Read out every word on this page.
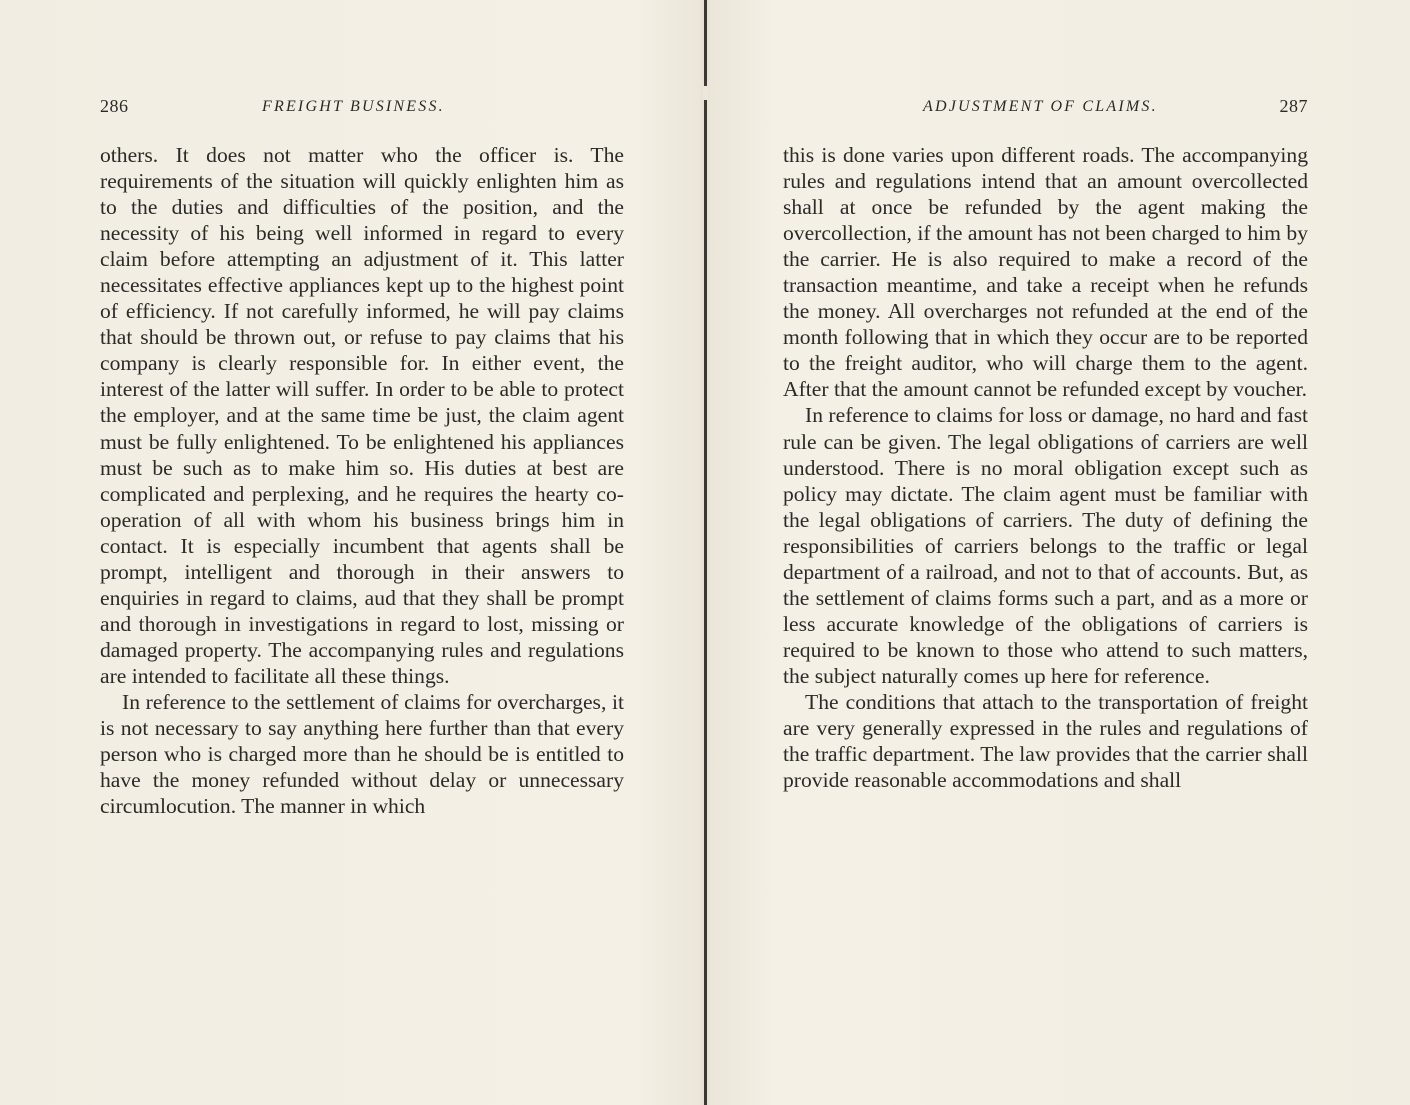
286	FREIGHT BUSINESS.

others. It does not matter who the officer is. The requirements of the situation will quickly enlighten him as to the duties and difficulties of the position, and the necessity of his being well informed in regard to every claim before attempting an adjustment of it. This latter necessitates effective appliances kept up to the highest point of efficiency. If not carefully informed, he will pay claims that should be thrown out, or refuse to pay claims that his company is clearly responsible for. In either event, the interest of the latter will suffer. In order to be able to protect the employer, and at the same time be just, the claim agent must be fully enlightened. To be enlightened his appliances must be such as to make him so. His duties at best are complicated and perplexing, and he requires the hearty co-operation of all with whom his business brings him in contact. It is especially incumbent that agents shall be prompt, intelligent and thorough in their answers to enquiries in regard to claims, aud that they shall be prompt and thorough in investigations in regard to lost, missing or damaged property. The accompanying rules and regulations are intended to facilitate all these things.

In reference to the settlement of claims for overcharges, it is not necessary to say anything here further than that every person who is charged more than he should be is entitled to have the money refunded without delay or unnecessary circumlocution. The manner in which

ADJUSTMENT OF CLAIMS.	287

this is done varies upon different roads. The accompanying rules and regulations intend that an amount overcollected shall at once be refunded by the agent making the overcollection, if the amount has not been charged to him by the carrier. He is also required to make a record of the transaction meantime, and take a receipt when he refunds the money. All overcharges not refunded at the end of the month following that in which they occur are to be reported to the freight auditor, who will charge them to the agent. After that the amount cannot be refunded except by voucher.

In reference to claims for loss or damage, no hard and fast rule can be given. The legal obligations of carriers are well understood. There is no moral obligation except such as policy may dictate. The claim agent must be familiar with the legal obligations of carriers. The duty of defining the responsibilities of carriers belongs to the traffic or legal department of a railroad, and not to that of accounts. But, as the settlement of claims forms such a part, and as a more or less accurate knowledge of the obligations of carriers is required to be known to those who attend to such matters, the subject naturally comes up here for reference.

The conditions that attach to the transportation of freight are very generally expressed in the rules and regulations of the traffic department. The law provides that the carrier shall provide reasonable accommodations and shall
